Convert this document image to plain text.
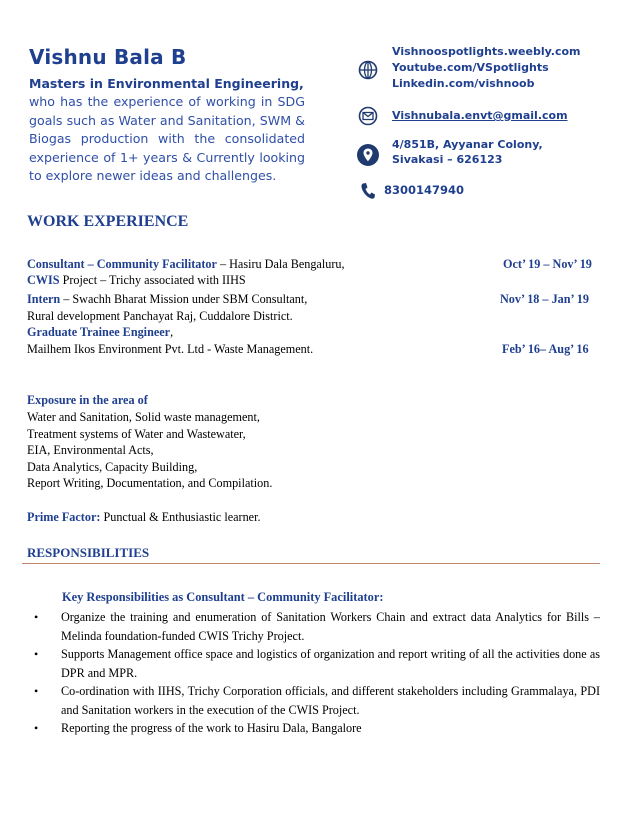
Vishnu Bala B
Masters in Environmental Engineering,
who has the experience of working in SDG goals such as Water and Sanitation, SWM & Biogas production with the consolidated experience of 1+ years & Currently looking to explore newer ideas and challenges.
Vishnoospotlights.weebly.com
Youtube.com/VSpotlights
Linkedin.com/vishnoob
Vishnubala.envt@gmail.com
4/851B, Ayyanar Colony,
Sivakasi – 626123
8300147940
WORK EXPERIENCE
Consultant – Community Facilitator – Hasiru Dala Bengaluru,	Oct’ 19 – Nov’ 19
CWIS Project – Trichy associated with IIHS
Intern – Swachh Bharat Mission under SBM Consultant,	Nov’ 18 – Jan’ 19
Rural development Panchayat Raj, Cuddalore District.
Graduate Trainee Engineer,
Mailhem Ikos Environment Pvt. Ltd - Waste Management.	Feb’ 16– Aug’ 16
Exposure in the area of
Water and Sanitation, Solid waste management,
Treatment systems of Water and Wastewater,
EIA, Environmental Acts,
Data Analytics, Capacity Building,
Report Writing, Documentation, and Compilation.
Prime Factor: Punctual & Enthusiastic learner.
RESPONSIBILITIES
Key Responsibilities as Consultant – Community Facilitator:
•	Organize the training and enumeration of Sanitation Workers Chain and extract data Analytics for Bills – Melinda foundation-funded CWIS Trichy Project.
•	Supports Management office space and logistics of organization and report writing of all the activities done as DPR and MPR.
•	Co-ordination with IIHS, Trichy Corporation officials, and different stakeholders including Grammalaya, PDI and Sanitation workers in the execution of the CWIS Project.
•	Reporting the progress of the work to Hasiru Dala, Bangalore
